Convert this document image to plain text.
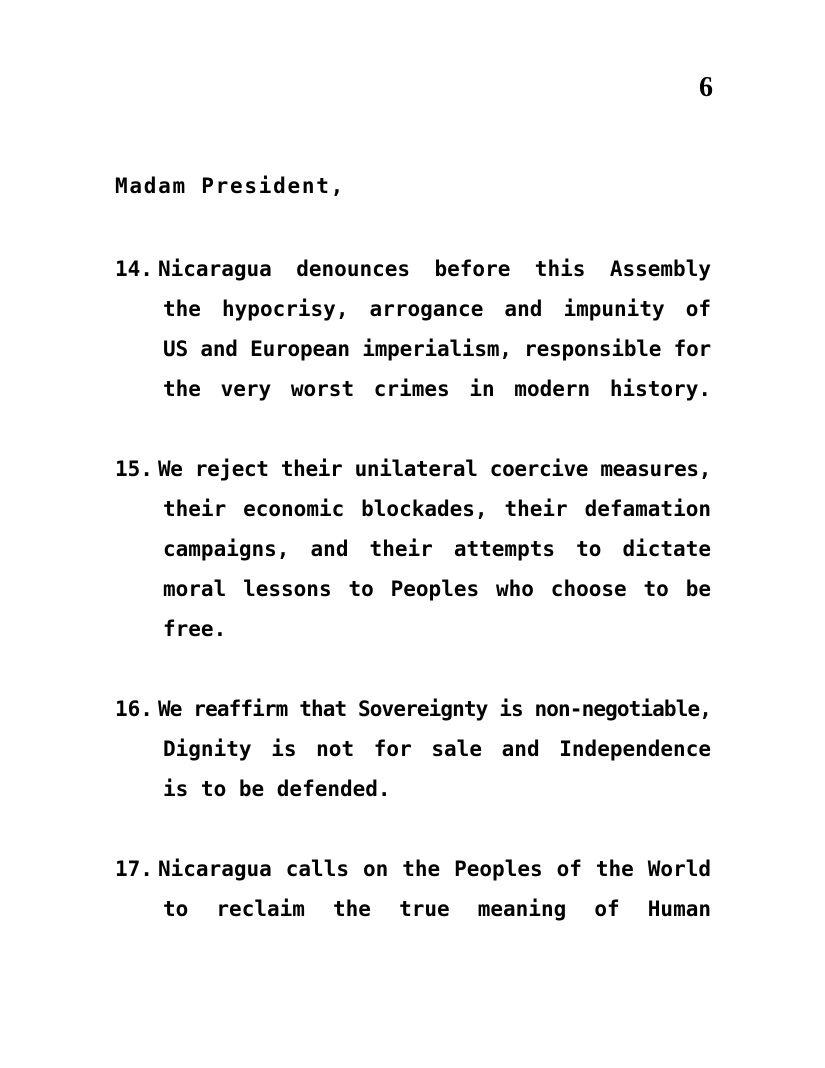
6
Madam President,
14. Nicaragua denounces before this Assembly
the hypocrisy, arrogance and impunity of
US and European imperialism, responsible for
the very worst crimes in modern history.
15. We reject their unilateral coercive measures,
their economic blockades, their defamation
campaigns, and their attempts to dictate
moral lessons to Peoples who choose to be
free.
16. We reaffirm that Sovereignty is non-negotiable,
Dignity is not for sale and Independence
is to be defended.
17. Nicaragua calls on the Peoples of the World
to reclaim the true meaning of Human
